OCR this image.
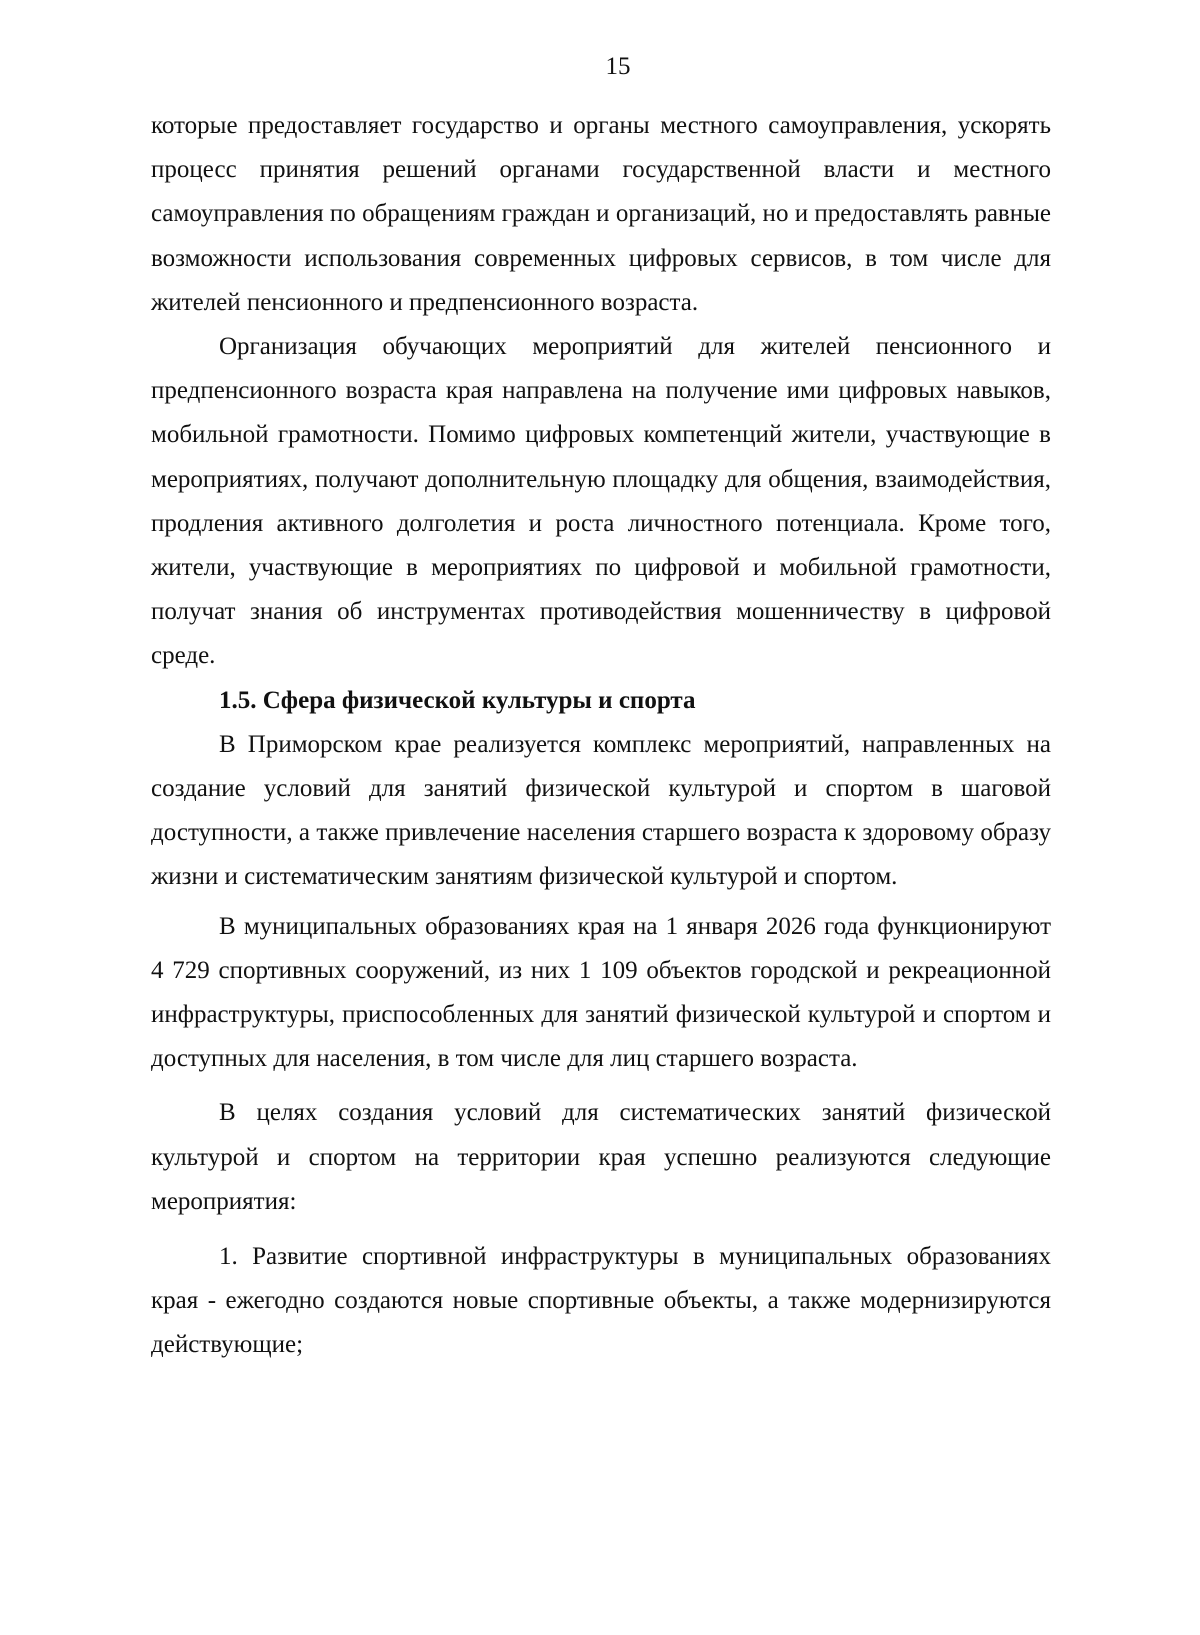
15

которые предоставляет государство и органы местного самоуправления, ускорять процесс принятия решений органами государственной власти и местного самоуправления по обращениям граждан и организаций, но и предоставлять равные возможности использования современных цифровых сервисов, в том числе для жителей пенсионного и предпенсионного возраста.

Организация обучающих мероприятий для жителей пенсионного и предпенсионного возраста края направлена на получение ими цифровых навыков, мобильной грамотности. Помимо цифровых компетенций жители, участвующие в мероприятиях, получают дополнительную площадку для общения, взаимодействия, продления активного долголетия и роста личностного потенциала. Кроме того, жители, участвующие в мероприятиях по цифровой и мобильной грамотности, получат знания об инструментах противодействия мошенничеству в цифровой среде.

1.5. Сфера физической культуры и спорта

В Приморском крае реализуется комплекс мероприятий, направленных на создание условий для занятий физической культурой и спортом в шаговой доступности, а также привлечение населения старшего возраста к здоровому образу жизни и систематическим занятиям физической культурой и спортом.

В муниципальных образованиях края на 1 января 2026 года функционируют 4 729 спортивных сооружений, из них 1 109 объектов городской и рекреационной инфраструктуры, приспособленных для занятий физической культурой и спортом и доступных для населения, в том числе для лиц старшего возраста.

В целях создания условий для систематических занятий физической культурой и спортом на территории края успешно реализуются следующие мероприятия:

1. Развитие спортивной инфраструктуры в муниципальных образованиях края - ежегодно создаются новые спортивные объекты, а также модернизируются действующие;
